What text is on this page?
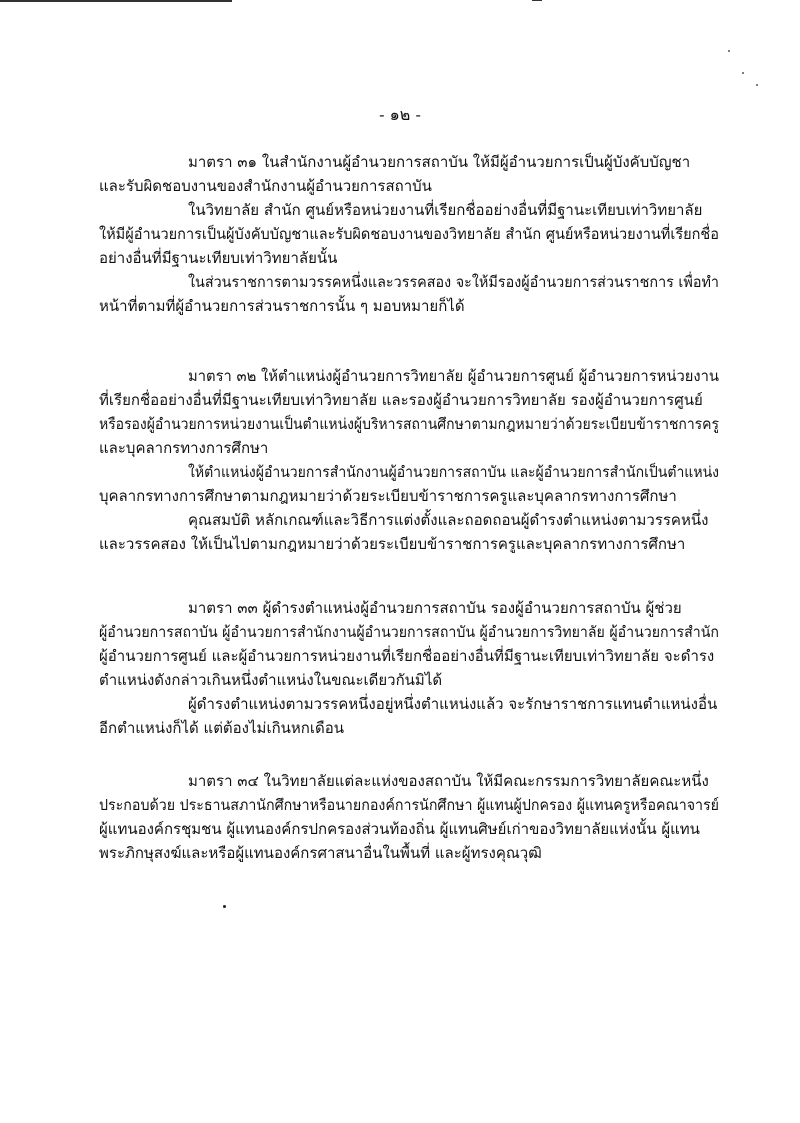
- ๑๒ -

มาตรา ๓๑ ในสำนักงานผู้อำนวยการสถาบัน ให้มีผู้อำนวยการเป็นผู้บังคับบัญชา

และรับผิดชอบงานของสำนักงานผู้อำนวยการสถาบัน

ในวิทยาลัย สำนัก ศูนย์หรือหน่วยงานที่เรียกชื่ออย่างอื่นที่มีฐานะเทียบเท่าวิทยาลัย

ให้มีผู้อำนวยการเป็นผู้บังคับบัญชาและรับผิดชอบงานของวิทยาลัย สำนัก ศูนย์หรือหน่วยงานที่เรียกชื่อ

อย่างอื่นที่มีฐานะเทียบเท่าวิทยาลัยนั้น

ในส่วนราชการตามวรรคหนึ่งและวรรคสอง จะให้มีรองผู้อำนวยการส่วนราชการ เพื่อทำ

หน้าที่ตามที่ผู้อำนวยการส่วนราชการนั้น ๆ มอบหมายก็ได้

มาตรา ๓๒ ให้ตำแหน่งผู้อำนวยการวิทยาลัย ผู้อำนวยการศูนย์ ผู้อำนวยการหน่วยงาน

ที่เรียกชื่ออย่างอื่นที่มีฐานะเทียบเท่าวิทยาลัย และรองผู้อำนวยการวิทยาลัย รองผู้อำนวยการศูนย์

หรือรองผู้อำนวยการหน่วยงานเป็นตำแหน่งผู้บริหารสถานศึกษาตามกฎหมายว่าด้วยระเบียบข้าราชการครู

และบุคลากรทางการศึกษา

ให้ตำแหน่งผู้อำนวยการสำนักงานผู้อำนวยการสถาบัน และผู้อำนวยการสำนักเป็นตำแหน่ง

บุคลากรทางการศึกษาตามกฎหมายว่าด้วยระเบียบข้าราชการครูและบุคลากรทางการศึกษา

คุณสมบัติ หลักเกณฑ์และวิธีการแต่งตั้งและถอดถอนผู้ดำรงตำแหน่งตามวรรคหนึ่ง

และวรรคสอง ให้เป็นไปตามกฎหมายว่าด้วยระเบียบข้าราชการครูและบุคลากรทางการศึกษา

มาตรา ๓๓ ผู้ดำรงตำแหน่งผู้อำนวยการสถาบัน รองผู้อำนวยการสถาบัน ผู้ช่วย

ผู้อำนวยการสถาบัน ผู้อำนวยการสำนักงานผู้อำนวยการสถาบัน ผู้อำนวยการวิทยาลัย ผู้อำนวยการสำนัก

ผู้อำนวยการศูนย์ และผู้อำนวยการหน่วยงานที่เรียกชื่ออย่างอื่นที่มีฐานะเทียบเท่าวิทยาลัย จะดำรง

ตำแหน่งดังกล่าวเกินหนึ่งตำแหน่งในขณะเดียวกันมิได้

ผู้ดำรงตำแหน่งตามวรรคหนึ่งอยู่หนึ่งตำแหน่งแล้ว จะรักษาราชการแทนตำแหน่งอื่น

อีกตำแหน่งก็ได้ แต่ต้องไม่เกินหกเดือน

มาตรา ๓๔ ในวิทยาลัยแต่ละแห่งของสถาบัน ให้มีคณะกรรมการวิทยาลัยคณะหนึ่ง

ประกอบด้วย ประธานสภานักศึกษาหรือนายกองค์การนักศึกษา ผู้แทนผู้ปกครอง ผู้แทนครูหรือคณาจารย์

ผู้แทนองค์กรชุมชน ผู้แทนองค์กรปกครองส่วนท้องถิ่น ผู้แทนศิษย์เก่าของวิทยาลัยแห่งนั้น ผู้แทน

พระภิกษุสงฆ์และหรือผู้แทนองค์กรศาสนาอื่นในพื้นที่ และผู้ทรงคุณวุฒิ
